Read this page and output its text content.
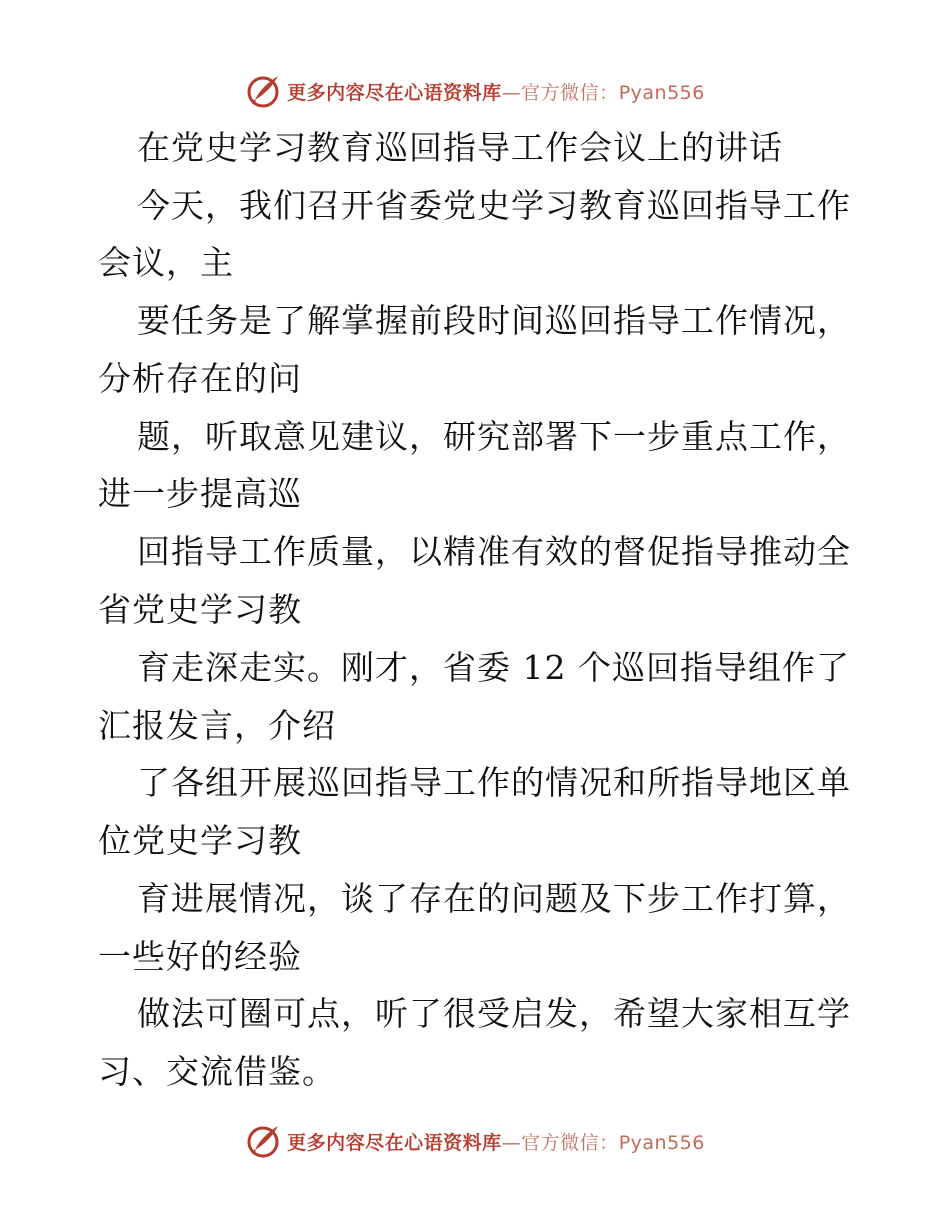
更多内容尽在心语资料库—官方微信：Pyan556
在党史学习教育巡回指导工作会议上的讲话
今天，我们召开省委党史学习教育巡回指导工作
会议，主
要任务是了解掌握前段时间巡回指导工作情况，
分析存在的问
题，听取意见建议，研究部署下一步重点工作，
进一步提高巡
回指导工作质量，以精准有效的督促指导推动全
省党史学习教
育走深走实。刚才，省委 12 个巡回指导组作了
汇报发言，介绍
了各组开展巡回指导工作的情况和所指导地区单
位党史学习教
育进展情况，谈了存在的问题及下步工作打算，
一些好的经验
做法可圈可点，听了很受启发，希望大家相互学
习、交流借鉴。
更多内容尽在心语资料库—官方微信：Pyan556
